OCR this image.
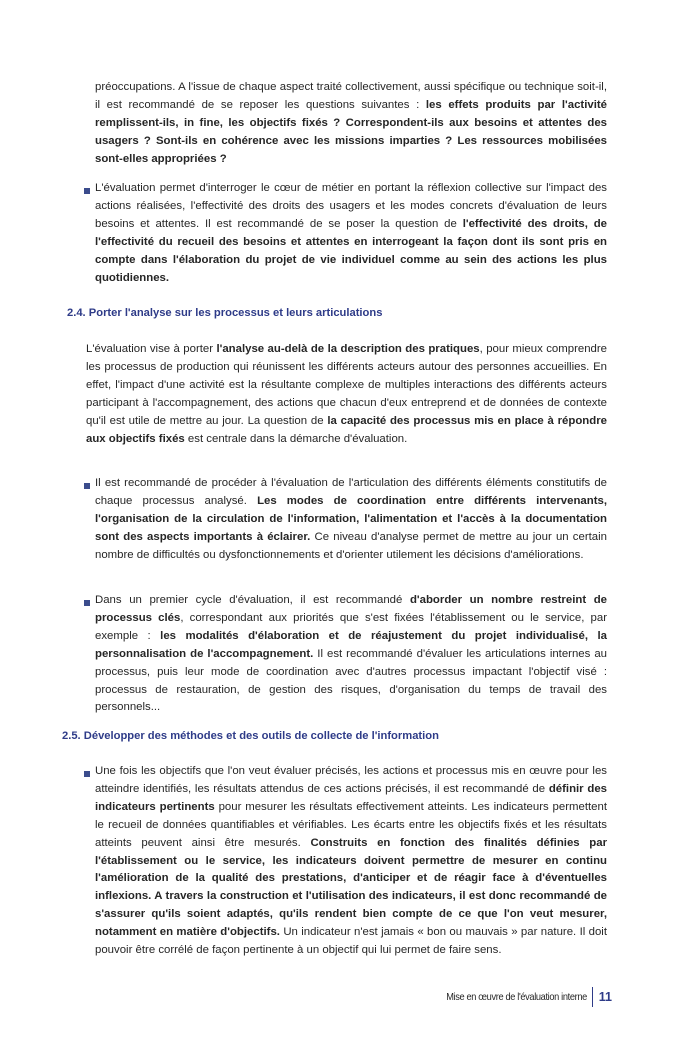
préoccupations. A l'issue de chaque aspect traité collectivement, aussi spécifique ou technique soit-il, il est recommandé de se reposer les questions suivantes : les effets produits par l'activité remplissent-ils, in fine, les objectifs fixés ? Correspondent-ils aux besoins et attentes des usagers ? Sont-ils en cohérence avec les missions imparties ? Les ressources mobilisées sont-elles appropriées ?

L'évaluation permet d'interroger le cœur de métier en portant la réflexion collective sur l'impact des actions réalisées, l'effectivité des droits des usagers et les modes concrets d'évaluation de leurs besoins et attentes. Il est recommandé de se poser la question de l'effectivité des droits, de l'effectivité du recueil des besoins et attentes en interrogeant la façon dont ils sont pris en compte dans l'élaboration du projet de vie individuel comme au sein des actions les plus quotidiennes.

2.4. Porter l'analyse sur les processus et leurs articulations

L'évaluation vise à porter l'analyse au-delà de la description des pratiques, pour mieux comprendre les processus de production qui réunissent les différents acteurs autour des personnes accueillies. En effet, l'impact d'une activité est la résultante complexe de multiples interactions des différents acteurs participant à l'accompagnement, des actions que chacun d'eux entreprend et de données de contexte qu'il est utile de mettre au jour. La question de la capacité des processus mis en place à répondre aux objectifs fixés est centrale dans la démarche d'évaluation.

Il est recommandé de procéder à l'évaluation de l'articulation des différents éléments constitutifs de chaque processus analysé. Les modes de coordination entre différents intervenants, l'organisation de la circulation de l'information, l'alimentation et l'accès à la documentation sont des aspects importants à éclairer. Ce niveau d'analyse permet de mettre au jour un certain nombre de difficultés ou dysfonctionnements et d'orienter utilement les décisions d'améliorations.

Dans un premier cycle d'évaluation, il est recommandé d'aborder un nombre restreint de processus clés, correspondant aux priorités que s'est fixées l'établissement ou le service, par exemple : les modalités d'élaboration et de réajustement du projet individualisé, la personnalisation de l'accompagnement. Il est recommandé d'évaluer les articulations internes au processus, puis leur mode de coordination avec d'autres processus impactant l'objectif visé : processus de restauration, de gestion des risques, d'organisation du temps de travail des personnels...

2.5. Développer des méthodes et des outils de collecte de l'information

Une fois les objectifs que l'on veut évaluer précisés, les actions et processus mis en œuvre pour les atteindre identifiés, les résultats attendus de ces actions précisés, il est recommandé de définir des indicateurs pertinents pour mesurer les résultats effectivement atteints. Les indicateurs permettent le recueil de données quantifiables et vérifiables. Les écarts entre les objectifs fixés et les résultats atteints peuvent ainsi être mesurés. Construits en fonction des finalités définies par l'établissement ou le service, les indicateurs doivent permettre de mesurer en continu l'amélioration de la qualité des prestations, d'anticiper et de réagir face à d'éventuelles inflexions. A travers la construction et l'utilisation des indicateurs, il est donc recommandé de s'assurer qu'ils soient adaptés, qu'ils rendent bien compte de ce que l'on veut mesurer, notamment en matière d'objectifs. Un indicateur n'est jamais « bon ou mauvais » par nature. Il doit pouvoir être corrélé de façon pertinente à un objectif qui lui permet de faire sens.

Mise en œuvre de l'évaluation interne 11
